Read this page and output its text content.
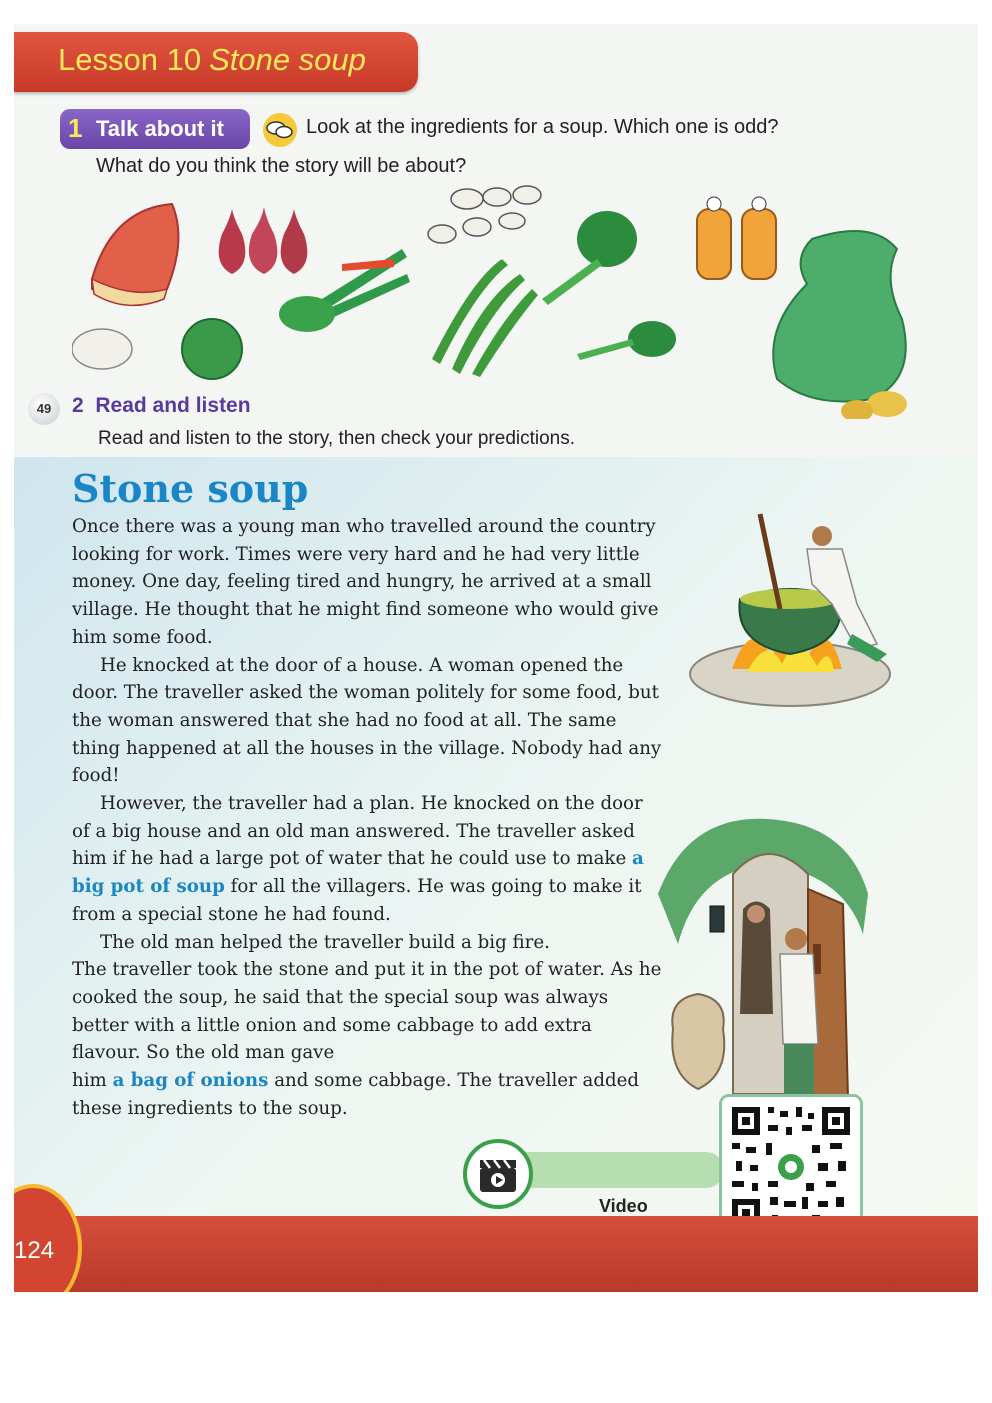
Lesson 10 Stone soup
1 Talk about it	Look at the ingredients for a soup. Which one is odd?
What do you think the story will be about?
49 2 Read and listen
Read and listen to the story, then check your predictions.
Stone soup

Once there was a young man who travelled around the country looking for work. Times were very hard and he had very little money. One day, feeling tired and hungry, he arrived at a small village. He thought that he might find someone who would give him some food.

He knocked at the door of a house. A woman opened the door. The traveller asked the woman politely for some food, but the woman answered that she had no food at all. The same thing happened at all the houses in the village. Nobody had any food!

However, the traveller had a plan. He knocked on the door of a big house and an old man answered. The traveller asked him if he had a large pot of water that he could use to make a big pot of soup for all the villagers. He was going to make it from a special stone he had found.

The old man helped the traveller build a big fire.

The traveller took the stone and put it in the pot of water. As he cooked the soup, he said that the special soup was always better with a little onion and some cabbage to add extra flavour. So the old man gave

him a bag of onions and some cabbage. The traveller added these ingredients to the soup.

Video
124
